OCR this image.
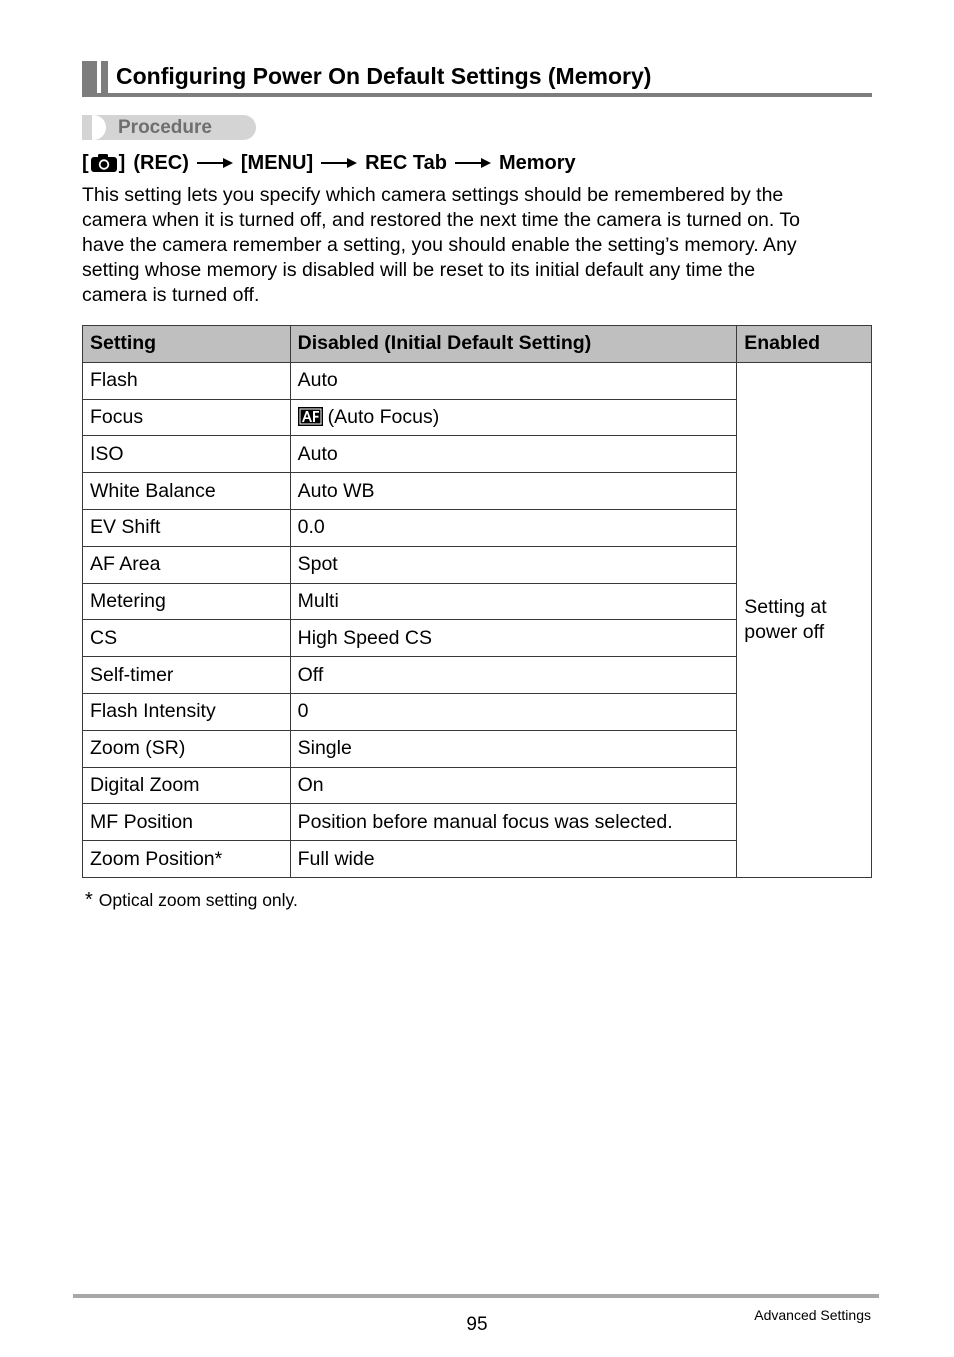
Configuring Power On Default Settings (Memory)
Procedure
[ ] (REC)	[MENU]	REC Tab	Memory
This setting lets you specify which camera settings should be remembered by the
camera when it is turned off, and restored the next time the camera is turned on. To
have the camera remember a setting, you should enable the setting’s memory. Any
setting whose memory is disabled will be reset to its initial default any time the
camera is turned off.
Setting	Disabled (Initial Default Setting)	Enabled
Flash	Auto	Setting at power off
Focus	(Auto Focus)	
ISO	Auto	
White Balance	Auto WB	
EV Shift	0.0	
AF Area	Spot	
Metering	Multi	
CS	High Speed CS	
Self-timer	Off	
Flash Intensity	0	
Zoom (SR)	Single	
Digital Zoom	On	
MF Position	Position before manual focus was selected.	
Zoom Position*	Full wide	
* Optical zoom setting only.
95	Advanced Settings
